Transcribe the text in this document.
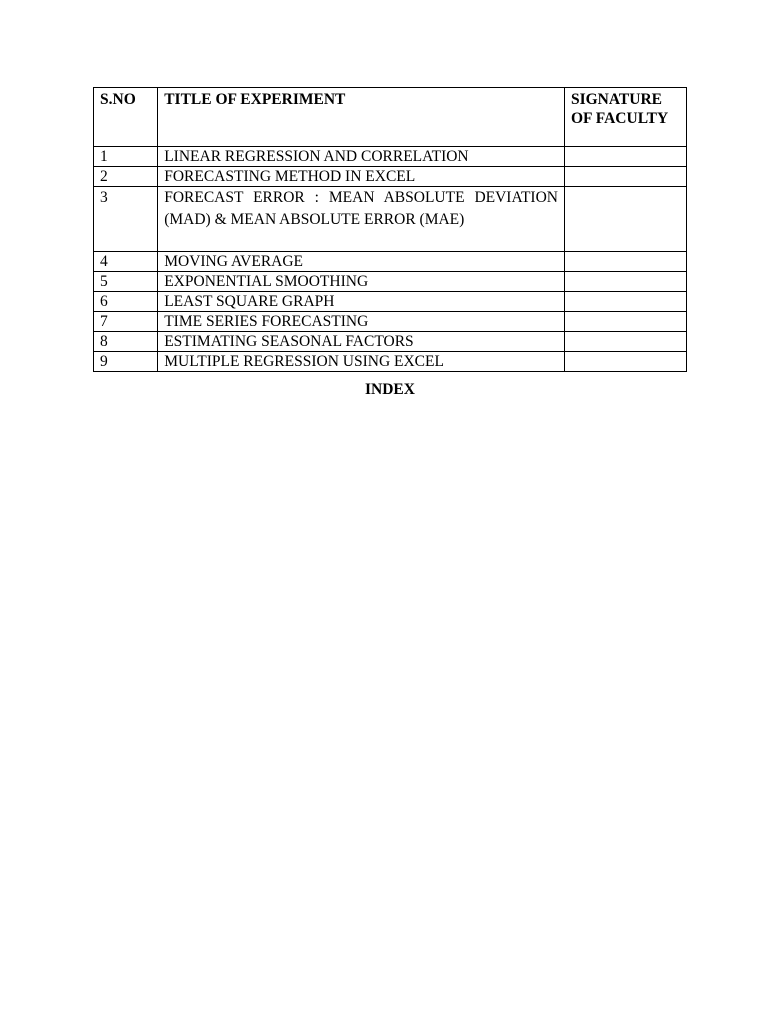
S.NO	TITLE OF EXPERIMENT	SIGNATURE OF FACULTY
1	LINEAR REGRESSION AND CORRELATION	
2	FORECASTING METHOD IN EXCEL	
3	FORECAST ERROR : MEAN ABSOLUTE DEVIATION (MAD) & MEAN ABSOLUTE ERROR (MAE)	
4	MOVING AVERAGE	
5	EXPONENTIAL SMOOTHING	
6	LEAST SQUARE GRAPH	
7	TIME SERIES FORECASTING	
8	ESTIMATING SEASONAL FACTORS	
9	MULTIPLE REGRESSION USING EXCEL	
INDEX
